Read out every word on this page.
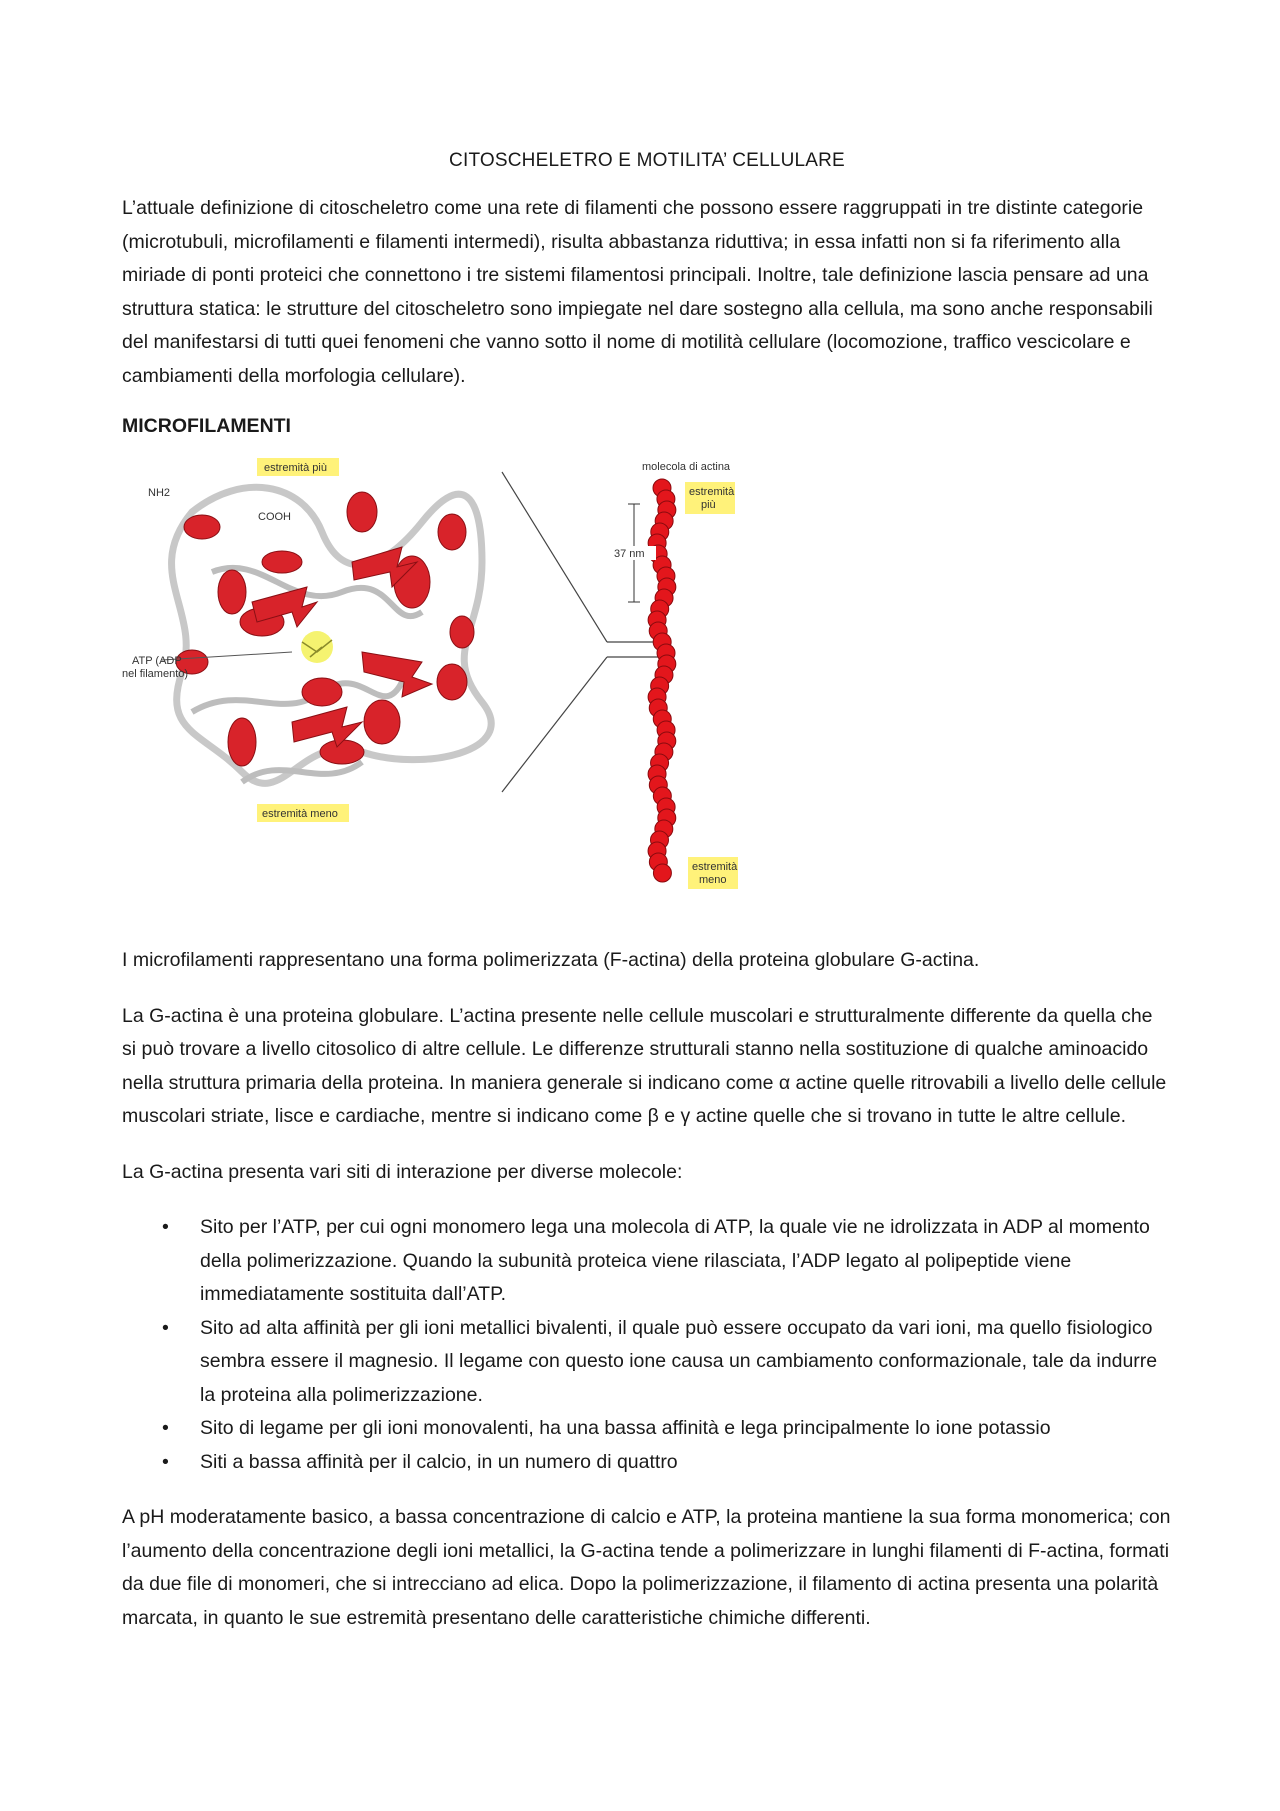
CITOSCHELETRO E MOTILITA’ CELLULARE

L’attuale definizione di citoscheletro come una rete di filamenti che possono essere raggruppati in tre distinte categorie (microtubuli, microfilamenti e filamenti intermedi), risulta abbastanza riduttiva; in essa infatti non si fa riferimento alla miriade di ponti proteici che connettono i tre sistemi filamentosi principali. Inoltre, tale definizione lascia pensare ad una struttura statica: le strutture del citoscheletro sono impiegate nel dare sostegno alla cellula, ma sono anche responsabili del manifestarsi di tutti quei fenomeni che vanno sotto il nome di motilità cellulare (locomozione, traffico vescicolare e cambiamenti della morfologia cellulare).

MICROFILAMENTI
estremità più
NH2
COOH
ATP (ADP
nel filamento)
estremità meno
molecola di actina
estremità
più
37 nm
estremità
meno

I microfilamenti rappresentano una forma polimerizzata (F-actina) della proteina globulare G-actina.

La G-actina è una proteina globulare. L’actina presente nelle cellule muscolari e strutturalmente differente da quella che si può trovare a livello citosolico di altre cellule. Le differenze strutturali stanno nella sostituzione di qualche aminoacido nella struttura primaria della proteina. In maniera generale si indicano come α actine quelle ritrovabili a livello delle cellule muscolari striate, lisce e cardiache, mentre si indicano come β e γ actine quelle che si trovano in tutte le altre cellule.

La G-actina presenta vari siti di interazione per diverse molecole:

• Sito per l’ATP, per cui ogni monomero lega una molecola di ATP, la quale vie ne idrolizzata in ADP al momento della polimerizzazione. Quando la subunità proteica viene rilasciata, l’ADP legato al polipeptide viene immediatamente sostituita dall’ATP.
• Sito ad alta affinità per gli ioni metallici bivalenti, il quale può essere occupato da vari ioni, ma quello fisiologico sembra essere il magnesio. Il legame con questo ione causa un cambiamento conformazionale, tale da indurre la proteina alla polimerizzazione.
• Sito di legame per gli ioni monovalenti, ha una bassa affinità e lega principalmente lo ione potassio
• Siti a bassa affinità per il calcio, in un numero di quattro

A pH moderatamente basico, a bassa concentrazione di calcio e ATP, la proteina mantiene la sua forma monomerica; con l’aumento della concentrazione degli ioni metallici, la G-actina tende a polimerizzare in lunghi filamenti di F-actina, formati da due file di monomeri, che si intrecciano ad elica. Dopo la polimerizzazione, il filamento di actina presenta una polarità marcata, in quanto le sue estremità presentano delle caratteristiche chimiche differenti.
